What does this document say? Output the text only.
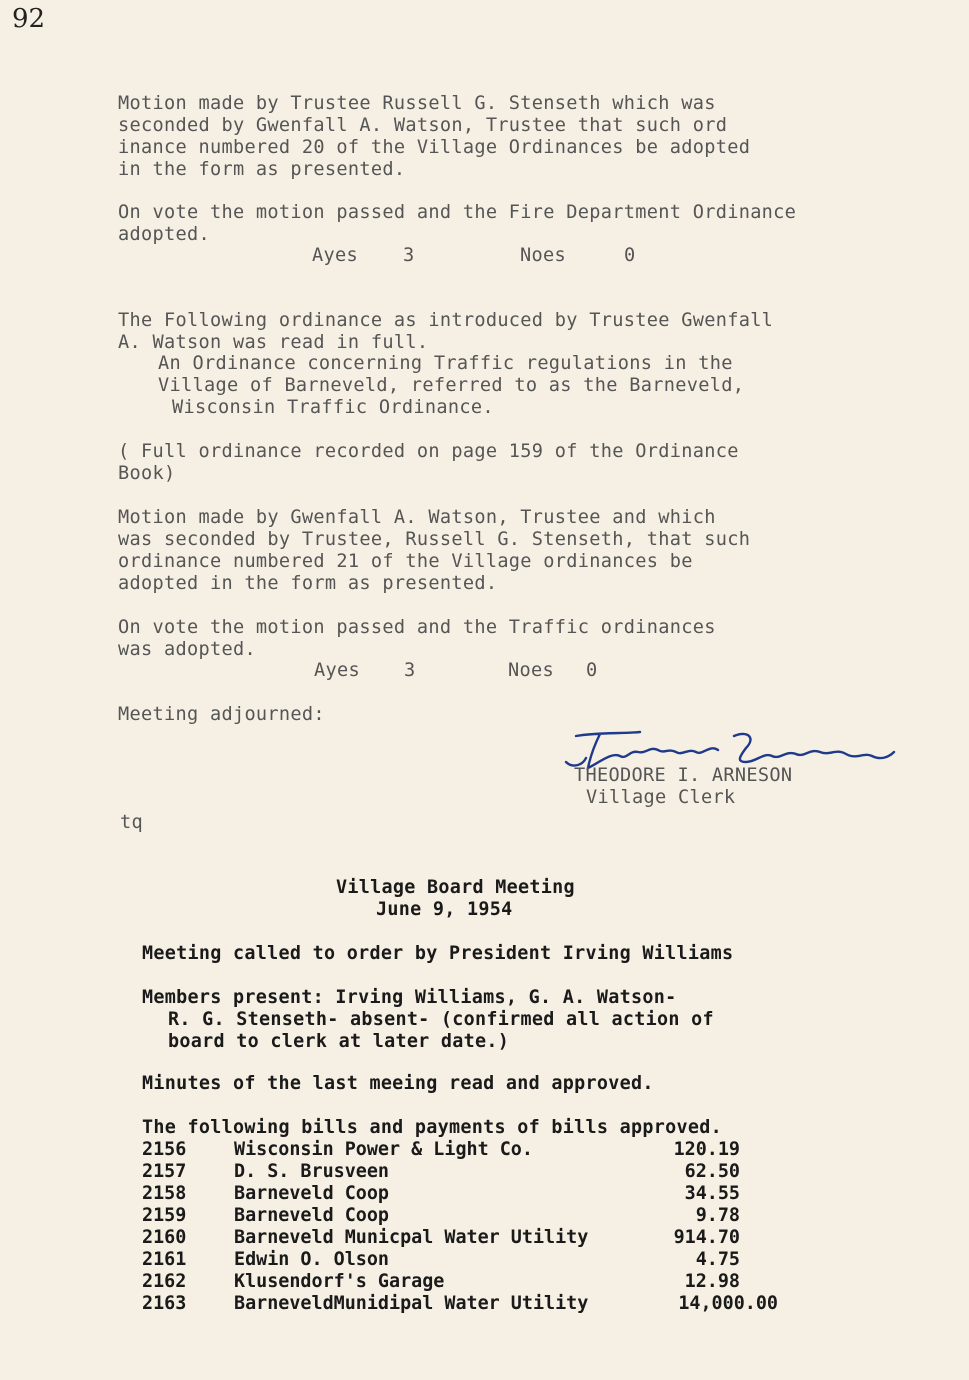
92
Motion made by Trustee Russell G. Stenseth which was
seconded by Gwenfall A. Watson, Trustee that such ord
inance numbered 20 of the Village Ordinances be adopted
in the form as presented.
On vote the motion passed and the Fire Department Ordinance
adopted.
Ayes 3	Noes	0
The Following ordinance as introduced by Trustee Gwenfall
A. Watson was read in full.
An Ordinance concerning Traffic regulations in the
Village of Barneveld, referred to as the Barneveld,
Wisconsin Traffic Ordinance.
( Full ordinance recorded on page 159 of the Ordinance
Book)
Motion made by Gwenfall A. Watson, Trustee and which
was seconded by Trustee, Russell G. Stenseth, that such
ordinance numbered 21 of the Village ordinances be
adopted in the form as presented.
On vote the motion passed and the Traffic ordinances
was adopted.
Ayes 3	Noes 0
Meeting adjourned:
THEODORE I. ARNESON
Village Clerk
tq
Village Board Meeting
June 9, 1954
Meeting called to order by President Irving Williams
Members present: Irving Williams, G. A. Watson-
R. G. Stenseth- absent- (confirmed all action of
board to clerk at later date.)
Minutes of the last meeing read and approved.
The following bills and payments of bills approved.
2156	Wisconsin Power & Light Co.	120.19
2157	D. S. Brusveen	62.50
2158	Barneveld Coop	34.55
2159	Barneveld Coop	9.78
2160	Barneveld Municpal Water Utility	914.70
2161	Edwin O. Olson	4.75
2162	Klusendorf's Garage	12.98
2163	BarneveldMunidipal Water Utility	14,000.00
